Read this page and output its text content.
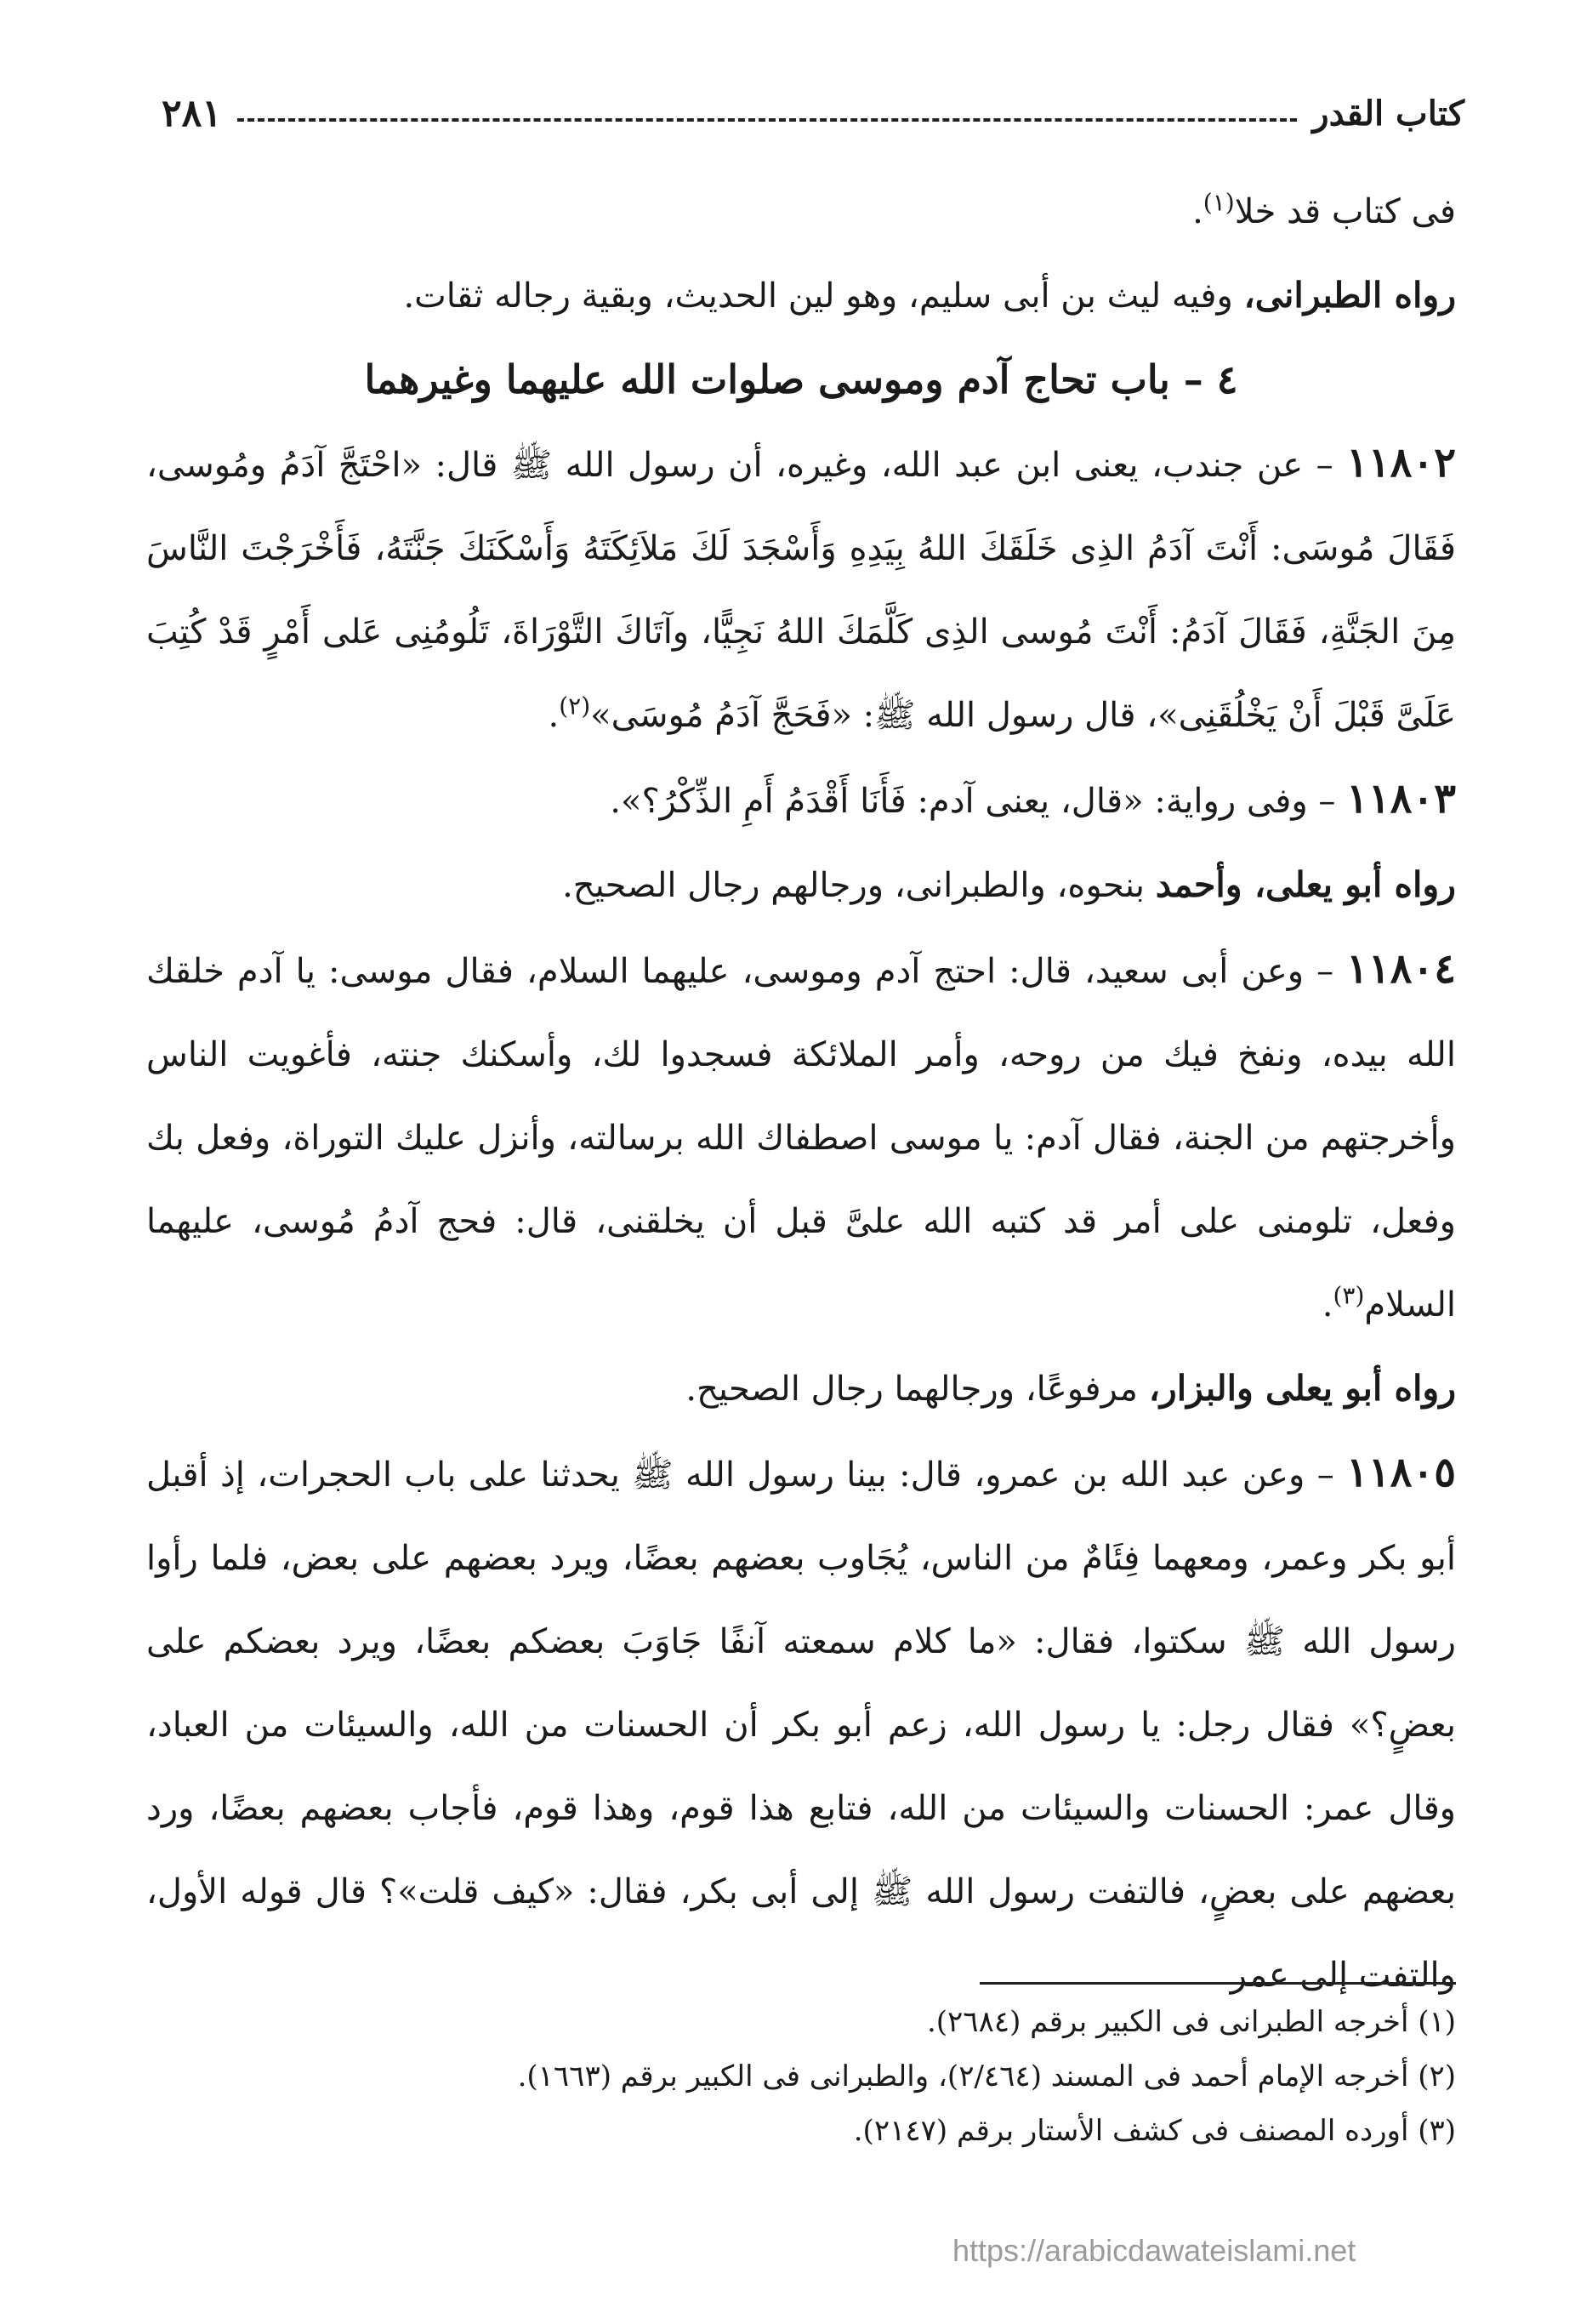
كتاب القدر
٢٨١

فى كتاب قد خلا$^{(١)}$.

رواه الطبرانى، وفيه ليث بن أبى سليم، وهو لين الحديث، وبقية رجاله ثقات.

٤ – باب تحاج آدم وموسى صلوات الله عليهما وغيرهما

١١٨٠٢ – عن جندب، يعنى ابن عبد الله، وغيره، أن رسول الله ﷺ قال: «احْتَجَّ آدَمُ ومُوسى، فَقَالَ مُوسَى: أَنْتَ آدَمُ الذِى خَلَقَكَ اللهُ بِيَدِهِ وَأَسْجَدَ لَكَ مَلاَئِكَتَهُ وَأَسْكَنَكَ جَنَّتَهُ، فَأَخْرَجْتَ النَّاسَ مِنَ الجَنَّةِ، فَقَالَ آدَمُ: أَنْتَ مُوسى الذِى كَلَّمَكَ اللهُ نَجِيًّا، وآتَاكَ التَّوْرَاةَ، تَلُومُنِى عَلى أَمْرٍ قَدْ كُتِبَ عَلَىَّ قَبْلَ أَنْ يَخْلُقَنِى»، قال رسول الله ﷺ: «فَحَجَّ آدَمُ مُوسَى»$^{(٢)}$.

١١٨٠٣ – وفى رواية: «قال، يعنى آدم: فَأَنَا أَقْدَمُ أَمِ الذِّكْرُ؟».

رواه أبو يعلى، وأحمد بنحوه، والطبرانى، ورجالهم رجال الصحيح.

١١٨٠٤ – وعن أبى سعيد، قال: احتج آدم وموسى، عليهما السلام، فقال موسى: يا آدم خلقك الله بيده، ونفخ فيك من روحه، وأمر الملائكة فسجدوا لك، وأسكنك جنته، فأغويت الناس وأخرجتهم من الجنة، فقال آدم: يا موسى اصطفاك الله برسالته، وأنزل عليك التوراة، وفعل بك وفعل، تلومنى على أمر قد كتبه الله علىَّ قبل أن يخلقنى، قال: فحج آدمُ مُوسى، عليهما السلام$^{(٣)}$.

رواه أبو يعلى والبزار، مرفوعًا، ورجالهما رجال الصحيح.

١١٨٠٥ – وعن عبد الله بن عمرو، قال: بينا رسول الله ﷺ يحدثنا على باب الحجرات، إذ أقبل أبو بكر وعمر، ومعهما فِئَامٌ من الناس، يُجَاوب بعضهم بعضًا، ويرد بعضهم على بعض، فلما رأوا رسول الله ﷺ سكتوا، فقال: «ما كلام سمعته آنفًا جَاوَبَ بعضكم بعضًا، ويرد بعضكم على بعضٍ؟» فقال رجل: يا رسول الله، زعم أبو بكر أن الحسنات من الله، والسيئات من العباد، وقال عمر: الحسنات والسيئات من الله، فتابع هذا قوم، وهذا قوم، فأجاب بعضهم بعضًا، ورد بعضهم على بعضٍ، فالتفت رسول الله ﷺ إلى أبى بكر، فقال: «كيف قلت»؟ قال قوله الأول، والتفت إلى عمر

(١) أخرجه الطبرانى فى الكبير برقم (٢٦٨٤).

(٢) أخرجه الإمام أحمد فى المسند (٢/٤٦٤)، والطبرانى فى الكبير برقم (١٦٦٣).

(٣) أورده المصنف فى كشف الأستار برقم (٢١٤٧).

https://arabicdawateislami.net
